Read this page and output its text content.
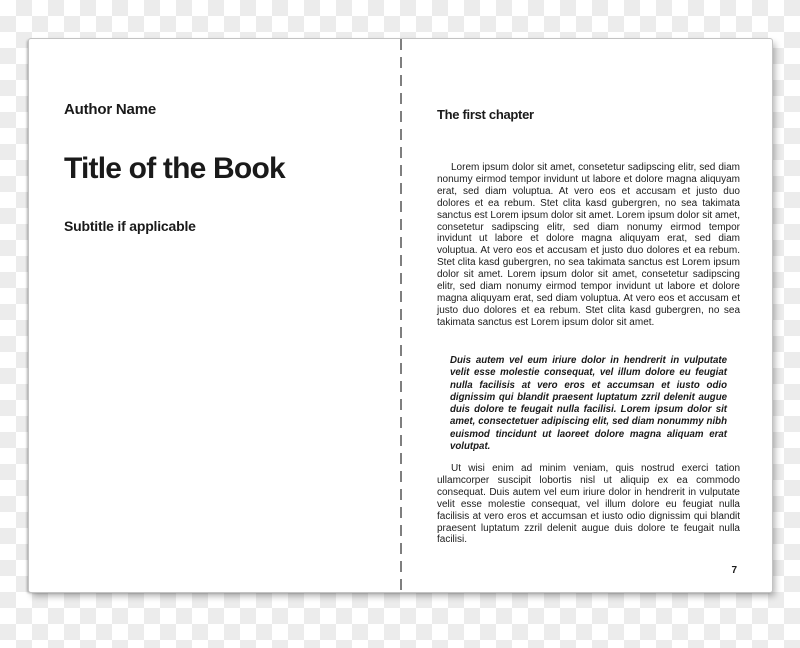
Author Name
Title of the Book
Subtitle if applicable
The first chapter

Lorem ipsum dolor sit amet, consetetur sadipscing elitr, sed diam nonumy eirmod tempor invidunt ut labore et dolore magna aliquyam erat, sed diam voluptua. At vero eos et accusam et justo duo dolores et ea rebum. Stet clita kasd gubergren, no sea takimata sanctus est Lorem ipsum dolor sit amet. Lorem ipsum dolor sit amet, consetetur sadipscing elitr, sed diam nonumy eirmod tempor invidunt ut labore et dolore magna aliquyam erat, sed diam voluptua. At vero eos et accusam et justo duo dolores et ea rebum. Stet clita kasd gubergren, no sea takimata sanctus est Lorem ipsum dolor sit amet. Lorem ipsum dolor sit amet, consetetur sadipscing elitr, sed diam nonumy eirmod tempor invidunt ut labore et dolore magna aliquyam erat, sed diam voluptua. At vero eos et accusam et justo duo dolores et ea rebum. Stet clita kasd gubergren, no sea takimata sanctus est Lorem ipsum dolor sit amet.

Duis autem vel eum iriure dolor in hendrerit in vulputate velit esse molestie consequat, vel illum dolore eu feugiat nulla facilisis at vero eros et accumsan et iusto odio dignissim qui blandit praesent luptatum zzril delenit augue duis dolore te feugait nulla facilisi. Lorem ipsum dolor sit amet, consectetuer adipiscing elit, sed diam nonummy nibh euismod tincidunt ut laoreet dolore magna aliquam erat volutpat.

Ut wisi enim ad minim veniam, quis nostrud exerci tation ullamcorper suscipit lobortis nisl ut aliquip ex ea commodo consequat. Duis autem vel eum iriure dolor in hendrerit in vulputate velit esse molestie consequat, vel illum dolore eu feugiat nulla facilisis at vero eros et accumsan et iusto odio dignissim qui blandit praesent luptatum zzril delenit augue duis dolore te feugait nulla facilisi.

7
